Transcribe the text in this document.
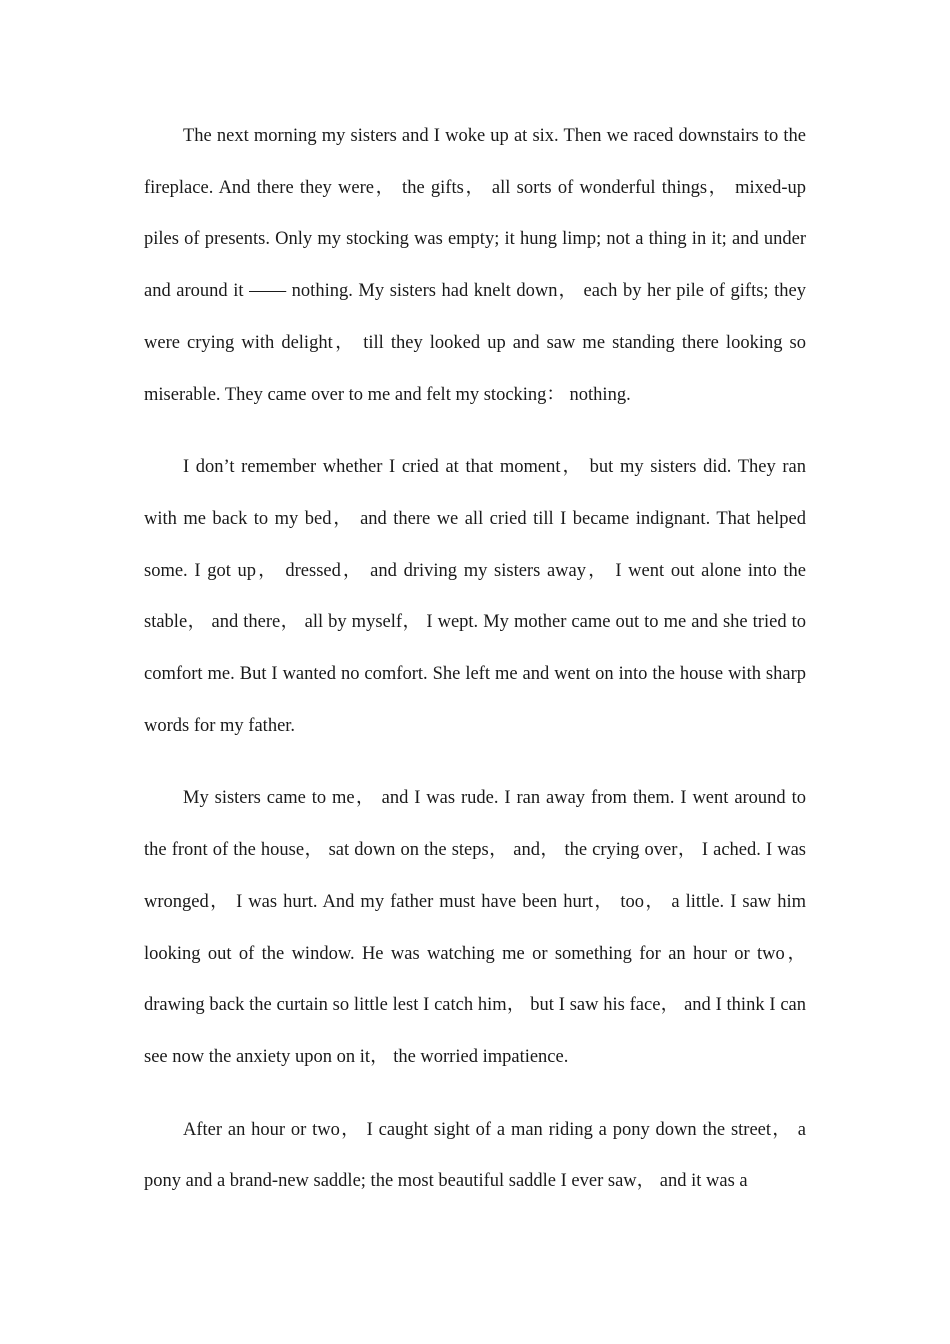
The next morning my sisters and I woke up at six. Then we raced downstairs to the fireplace. And there they were， the gifts， all sorts of wonderful things， mixed-up piles of presents. Only my stocking was empty; it hung limp; not a thing in it; and under and around it —— nothing. My sisters had knelt down， each by her pile of gifts; they were crying with delight， till they looked up and saw me standing there looking so miserable. They came over to me and felt my stocking： nothing.

I don’t remember whether I cried at that moment， but my sisters did. They ran with me back to my bed， and there we all cried till I became indignant. That helped some. I got up， dressed， and driving my sisters away， I went out alone into the stable， and there， all by myself， I wept. My mother came out to me and she tried to comfort me. But I wanted no comfort. She left me and went on into the house with sharp words for my father.

My sisters came to me， and I was rude. I ran away from them. I went around to the front of the house， sat down on the steps， and， the crying over， I ached. I was wronged， I was hurt. And my father must have been hurt， too， a little. I saw him looking out of the window. He was watching me or something for an hour or two， drawing back the curtain so little lest I catch him， but I saw his face， and I think I can see now the anxiety upon on it， the worried impatience.

After an hour or two， I caught sight of a man riding a pony down the street， a pony and a brand-new saddle; the most beautiful saddle I ever saw， and it was a
